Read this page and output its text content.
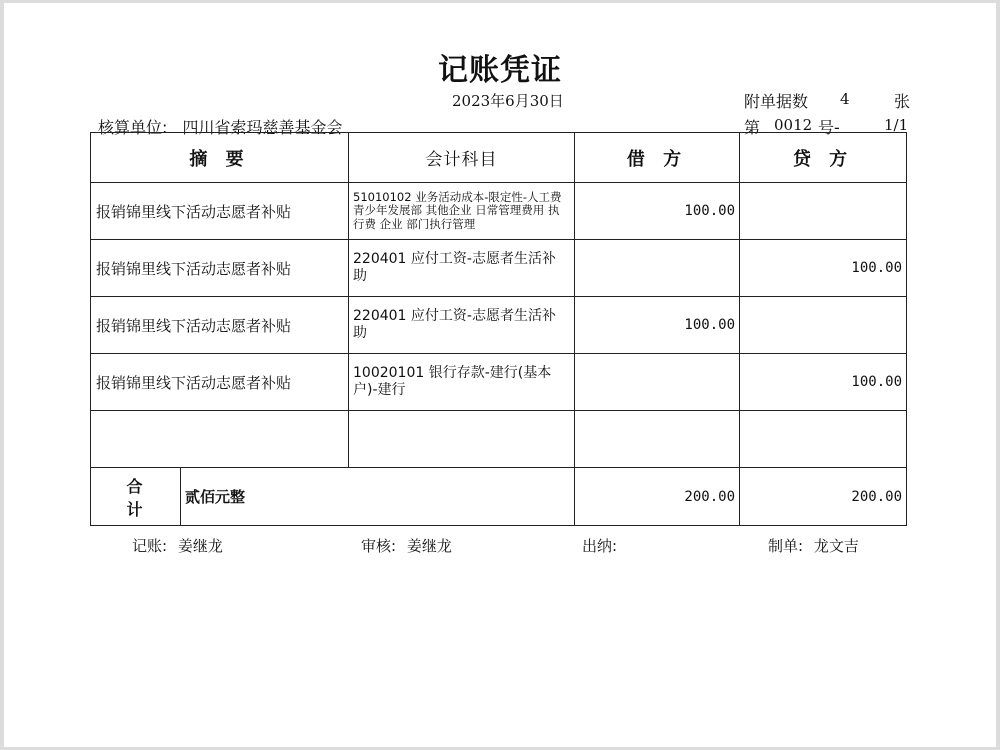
记账凭证
2023年6月30日	附单据数 4	张
核算单位: 四川省索玛慈善基金会	第 0012 号-	1/1
摘 要		会计科目	借 方	贷 方
报销锦里线下活动志愿者补贴		51010102 业务活动成本-限定性-人工费 青少年发展部 其他企业 日常管理费用 执行费 企业 部门执行管理	100.00	
报销锦里线下活动志愿者补贴		220401 应付工资-志愿者生活补助		100.00
报销锦里线下活动志愿者补贴		220401 应付工资-志愿者生活补助	100.00	
报销锦里线下活动志愿者补贴		10020101 银行存款-建行(基本户)-建行		100.00

合 计	贰佰元整		200.00	200.00
记账: 姜继龙	审核: 姜继龙	出纳:	制单: 龙文吉
